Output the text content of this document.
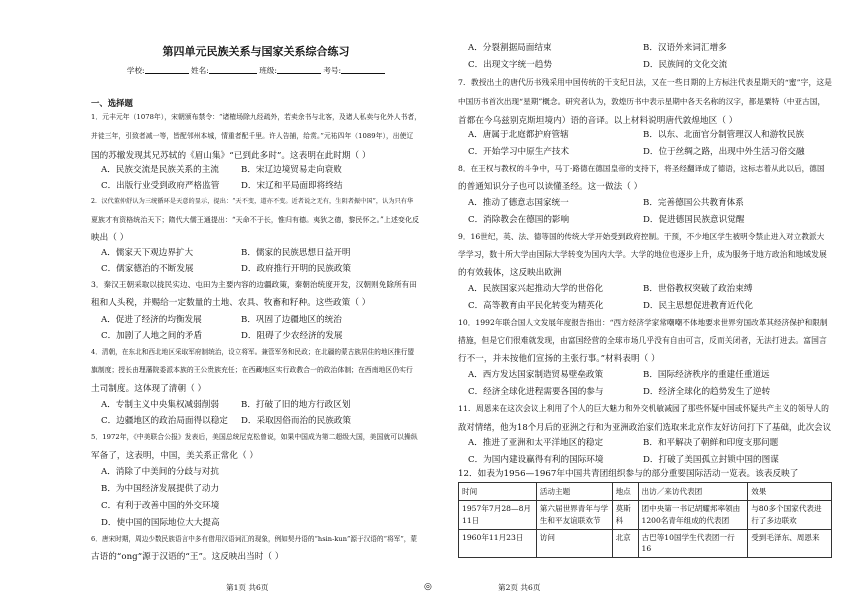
第四单元民族关系与国家关系综合练习
学校:	姓名:	班级:	考号:
一、选择题
1．元丰元年（1078年），宋朝颁布禁令：“诸榷场除九经疏外，若卖余书与北客，及诸人私卖与化外人书者，
并徒三年，引致者减一等，皆配邻州本城，情重者配千里。许人告捕，给赏。”元祐四年（1089年），出使辽
国的苏辙发现其兄苏轼的《眉山集》“已到此多时”。这表明在此时期（ ）
A．民族交流是民族关系的主流	B．宋辽边境贸易走向衰败
C．出版行业受到政府严格监管	D．宋辽和平局面即将终结
2．汉代董仲舒认为三统循环是天意的显示，提出：“天不变，道亦不变。近者说之无有，生阴者振中国”，认为只有华
夏族才有资格统治天下；隋代大儒王通提出：“天命不于长，惟归有德。夷狄之德，黎民怀之。”上述变化反
映出（ ）
A．儒家天下观边界扩大	B．儒家的民族思想日益开明
C．儒家德治的不断发展	D．政府推行开明的民族政策
3．秦汉王朝采取以拢民实边、屯田为主要内容的边疆政策，秦朝治统度开发，汉朝则免除所有田
租和人头税，并赐给一定数量的土地、农具、牧畜和籽种。这些政策（ ）
A．促进了经济的均衡发展	B．巩固了边疆地区的统治
C．加剧了人地之间的矛盾	D．阻碍了少农经济的发展
4．清朝，在东北和西北地区采取军府制统治，设立将军。兼管军务和民政；在北疆的蒙古族居住的地区推行盟
旗制度；授长由理藩院委派本族的王公贵族充任；在西藏地区实行政教合一的政治体制；在西南地区仍实行
土司制度。这体现了清朝（ ）
A．专制主义中央集权减弱削弱	B．打破了旧的地方行政区划
C．边疆地区的政治局面得以稳定 D．采取因俗而治的民族政策
5．1972年，《中美联合公报》发表后，美国总统尼克松曾说，如果中国成为第二超级大国，美国就可以操纵
军备了，这表明，中国，美关系正常化（ ）
A．消除了中美间的分歧与对抗
B．为中国经济发展提供了动力
C．有利于改善中国的外交环境
D．使中国的国际地位大大提高
6．唐宋时期，周边少数民族语言中多有借用汉语词汇的现象，例如契丹语的“hsin-kun”源于汉语的“将军”，蒙
古语的“ong”源于汉语的“王”。这反映出当时（ ）
第1页 共6页	◎
A．分裂割据局面结束	B．汉语外来词汇增多
C．出现文字统一趋势	D．民族间的文化交流
7．教授出土的唐代历书残采用中国传统的干支纪日法，又在一些日期的上方标注代表星期天的“蜜”字，这是
中国历书首次出现“星期”概念。研究者认为，敦煌历书中表示星期中各天名称的汉字，都是粟特（中亚古国，
首都在今乌兹别克斯坦境内）语的音译。以上材料说明唐代敦煌地区（ ）
A．唐属于北庭都护府管辖	B．以东、北面官分制管理汉人和游牧民族
C．开始学习中原生产技术	D．位于丝绸之路，出现中外生活习俗交融
8．在王权与教权的斗争中，马丁·路德在德国皇帝的支持下，将圣经翻译成了德语，这标志着从此以后，德国
的普通知识分子也可以读懂圣经。这一做法（ ）
A．推动了德意志国家统一	B．完善德国公共教育体系
C．消除教会在德国的影响	D．促进德国民族意识觉醒
9．16世纪，英、法、德等国的传统大学开始受到政府控制。干预，不少地区学生被明令禁止进入对立教派大
学学习，数十所大学由国际大学转变为国内大学。大学的地位也逐步上升，成为服务于地方政治和地域发展
的有效载体，这反映出欧洲
A．民族国家兴起推动大学的世俗化	B．世俗教权突破了政治束缚
C．高等教育由平民化转变为精英化	D．民主思想促进教育近代化
10．1992年联合国人文发展年度报告指出：“西方经济学家常嘲嘲不体地要求世界穷国改革其经济保护和限制
措施，但是它们很难就发现，由富国经营的全球市场几乎没有自由可言，反而关闭者，无法打进去。富国言
行不一，并未按他们宣扬的主张行事。”材料表明（ ）
A．西方发达国家制造贸易壁垒政策	B．国际经济秩序的重建任重道远
C．经济全球化进程需要各国的参与	D．经济全球化的趋势发生了逆转
11．周恩来在这次会议上利用了个人的巨大魅力和外交机敏减园了那些怀疑中国或怀疑共产主义的领导人的
敌对情绪，他为18个月后的亚洲之行和为亚洲政治家们选取来北京作友好访问打下了基础，此次会议
A．推进了亚洲和太平洋地区的稳定	B．和平解决了朝鲜和印度支那问题
C．为国内建设赢得有利的国际环境	D．打破了美国孤立封锁中国的图谋
12．如表为1956—1967年中国共青团组织参与的部分重要国际活动一览表。该表反映了
时间	活动主题	地点	出访／来访代表团	效果
1957年7月28—8月11日	第六届世界青年与学生和平友谊联欢节	莫斯科	团中央第一书记胡耀邦率领由1200名青年组成的代表团	与80多个国家代表进行了多边联欢
1960年11月23日	访问	北京	古巴等10国学生代表团一行16	受到毛泽东、周恩来
第2页 共6页
